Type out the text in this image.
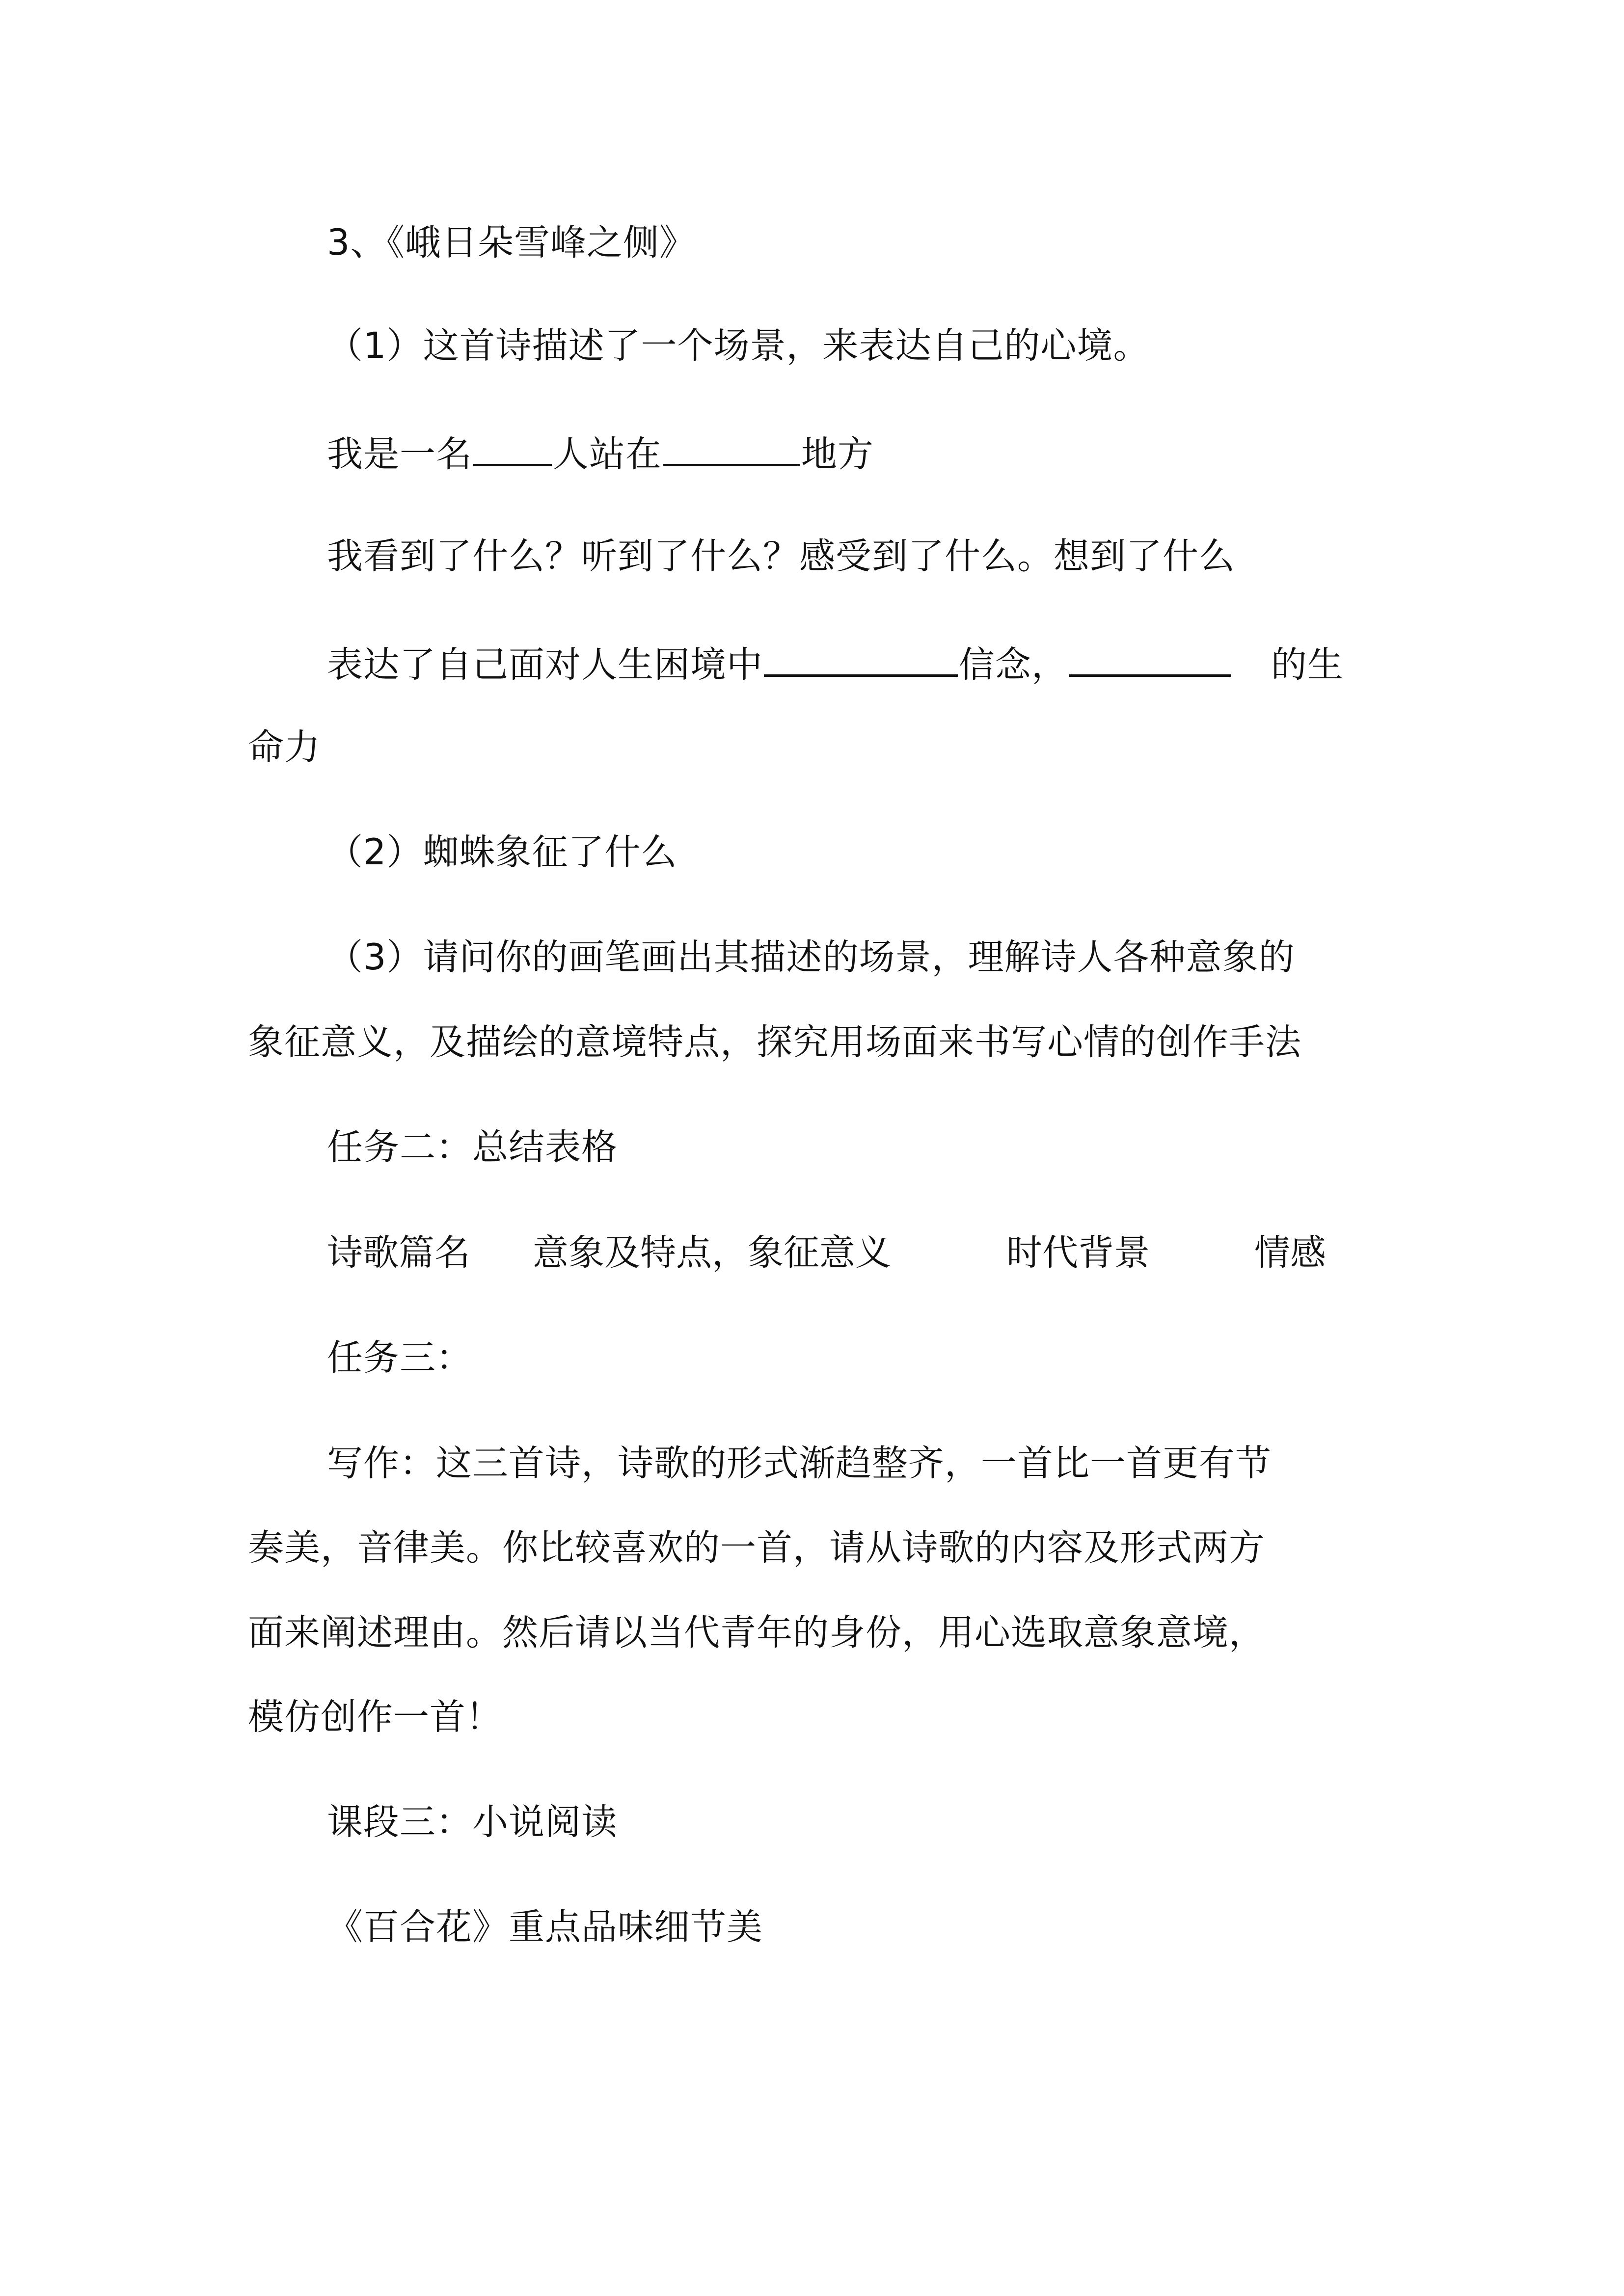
3、《峨日朵雪峰之侧》
（1）这首诗描述了一个场景，来表达自己的心境。
我是一名 人站在	地方
我看到了什么？听到了什么？感受到了什么。想到了什么
表达了自己面对人生困境中	信念，	的生
命力
（2）蜘蛛象征了什么
（3）请问你的画笔画出其描述的场景，理解诗人各种意象的
象征意义，及描绘的意境特点，探究用场面来书写心情的创作手法
任务二：总结表格
诗歌篇名 意象及特点，象征意义	时代背景	情感
任务三：
写作：这三首诗，诗歌的形式渐趋整齐，一首比一首更有节
奏美，音律美。你比较喜欢的一首，请从诗歌的内容及形式两方
面来阐述理由。然后请以当代青年的身份，用心选取意象意境，
模仿创作一首！
课段三：小说阅读
《百合花》重点品味细节美
